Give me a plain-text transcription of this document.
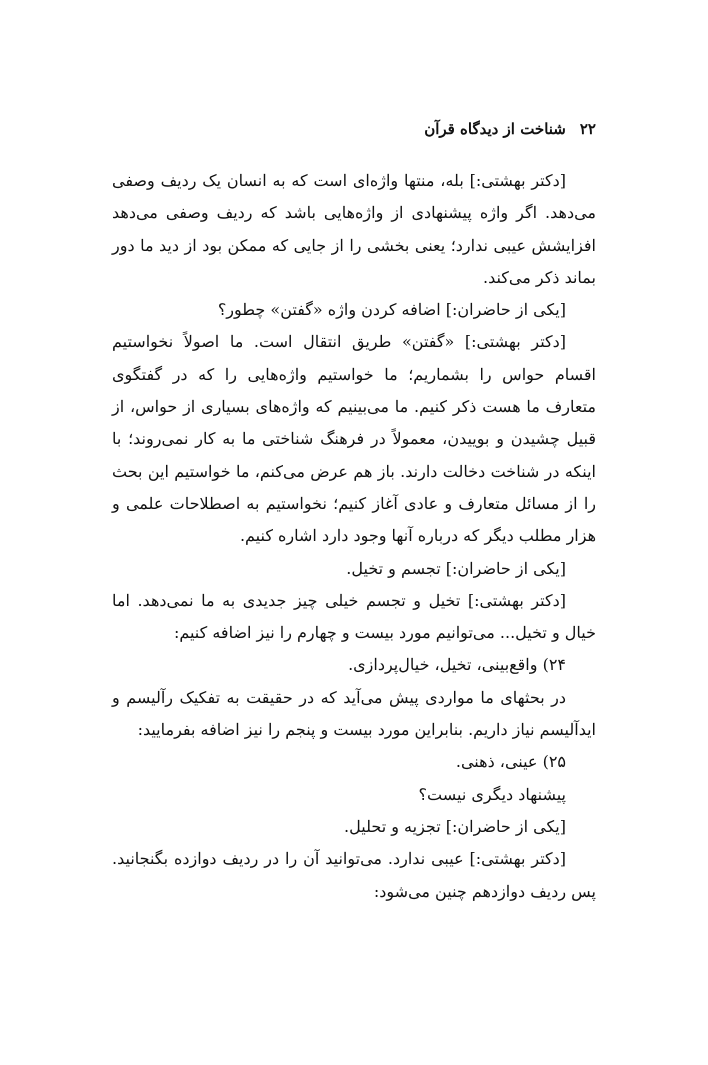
۲۲شناخت از دیدگاه قرآن

[دکتر بهشتی:] بله، منتها واژه‌ای است که به انسان یک ردیف وصفی می‌دهد. اگر واژه پیشنهادی از واژه‌هایی باشد که ردیف وصفی می‌دهد افزایشش عیبی ندارد؛ یعنی بخشی را از جایی که ممکن بود از دید ما دور بماند ذکر می‌کند.

[یکی از حاضران:] اضافه کردن واژه «گفتن» چطور؟

[دکتر بهشتی:] «گفتن» طریق انتقال است. ما اصولاً نخواستیم اقسام حواس را بشماریم؛ ما خواستیم واژه‌هایی را که در گفتگوی متعارف ما هست ذکر کنیم. ما می‌بینیم که واژه‌های بسیاری از حواس، از قبیل چشیدن و بوییدن، معمولاً در فرهنگ شناختی ما به کار نمی‌روند؛ با اینکه در شناخت دخالت دارند. باز هم عرض می‌کنم، ما خواستیم این بحث را از مسائل متعارف و عادی آغاز کنیم؛ نخواستیم به اصطلاحات علمی و هزار مطلب دیگر که درباره آنها وجود دارد اشاره کنیم.

[یکی از حاضران:] تجسم و تخیل.

[دکتر بهشتی:] تخیل و تجسم خیلی چیز جدیدی به ما نمی‌دهد. اما خیال و تخیل... می‌توانیم مورد بیست و چهارم را نیز اضافه کنیم:

۲۴) واقع‌بینی، تخیل، خیال‌پردازی.

در بحثهای ما مواردی پیش می‌آید که در حقیقت به تفکیک رآلیسم و ایدآلیسم نیاز داریم. بنابراین مورد بیست و پنجم را نیز اضافه بفرمایید:

۲۵) عینی، ذهنی.

پیشنهاد دیگری نیست؟

[یکی از حاضران:] تجزیه و تحلیل.

[دکتر بهشتی:] عیبی ندارد. می‌توانید آن را در ردیف دوازده بگنجانید. پس ردیف دوازدهم چنین می‌شود:
